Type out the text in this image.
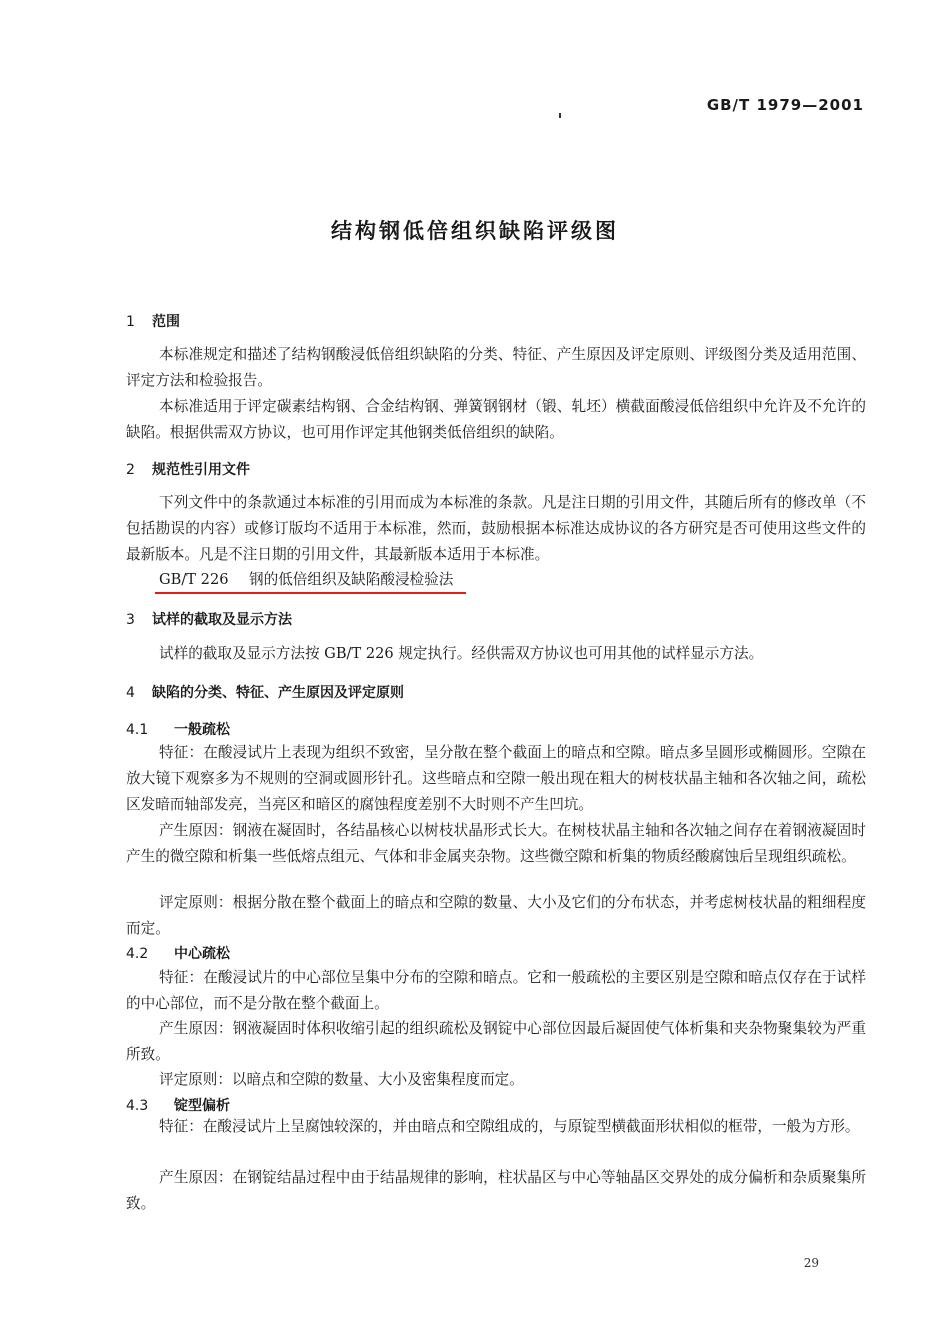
GB/T 1979—2001
结构钢低倍组织缺陷评级图
1 范围

本标准规定和描述了结构钢酸浸低倍组织缺陷的分类、特征、产生原因及评定原则、评级图分类及适用范围、评定方法和检验报告。

本标准适用于评定碳素结构钢、合金结构钢、弹簧钢钢材（锻、轧坯）横截面酸浸低倍组织中允许及不允许的缺陷。根据供需双方协议，也可用作评定其他钢类低倍组织的缺陷。

2 规范性引用文件

下列文件中的条款通过本标准的引用而成为本标准的条款。凡是注日期的引用文件，其随后所有的修改单（不包括勘误的内容）或修订版均不适用于本标准，然而，鼓励根据本标准达成协议的各方研究是否可使用这些文件的最新版本。凡是不注日期的引用文件，其最新版本适用于本标准。

GB/T 226 钢的低倍组织及缺陷酸浸检验法
3 试样的截取及显示方法

试样的截取及显示方法按 GB/T 226 规定执行。经供需双方协议也可用其他的试样显示方法。

4 缺陷的分类、特征、产生原因及评定原则
4.1 一般疏松

特征：在酸浸试片上表现为组织不致密，呈分散在整个截面上的暗点和空隙。暗点多呈圆形或椭圆形。空隙在放大镜下观察多为不规则的空洞或圆形针孔。这些暗点和空隙一般出现在粗大的树枝状晶主轴和各次轴之间，疏松区发暗而轴部发亮，当亮区和暗区的腐蚀程度差别不大时则不产生凹坑。

产生原因：钢液在凝固时，各结晶核心以树枝状晶形式长大。在树枝状晶主轴和各次轴之间存在着钢液凝固时产生的微空隙和析集一些低熔点组元、气体和非金属夹杂物。这些微空隙和析集的物质经酸腐蚀后呈现组织疏松。

评定原则：根据分散在整个截面上的暗点和空隙的数量、大小及它们的分布状态，并考虑树枝状晶的粗细程度而定。

4.2 中心疏松

特征：在酸浸试片的中心部位呈集中分布的空隙和暗点。它和一般疏松的主要区别是空隙和暗点仅存在于试样的中心部位，而不是分散在整个截面上。

产生原因：钢液凝固时体积收缩引起的组织疏松及钢锭中心部位因最后凝固使气体析集和夹杂物聚集较为严重所致。

评定原则：以暗点和空隙的数量、大小及密集程度而定。

4.3 锭型偏析

特征：在酸浸试片上呈腐蚀较深的，并由暗点和空隙组成的，与原锭型横截面形状相似的框带，一般为方形。

产生原因：在钢锭结晶过程中由于结晶规律的影响，柱状晶区与中心等轴晶区交界处的成分偏析和杂质聚集所致。

29
